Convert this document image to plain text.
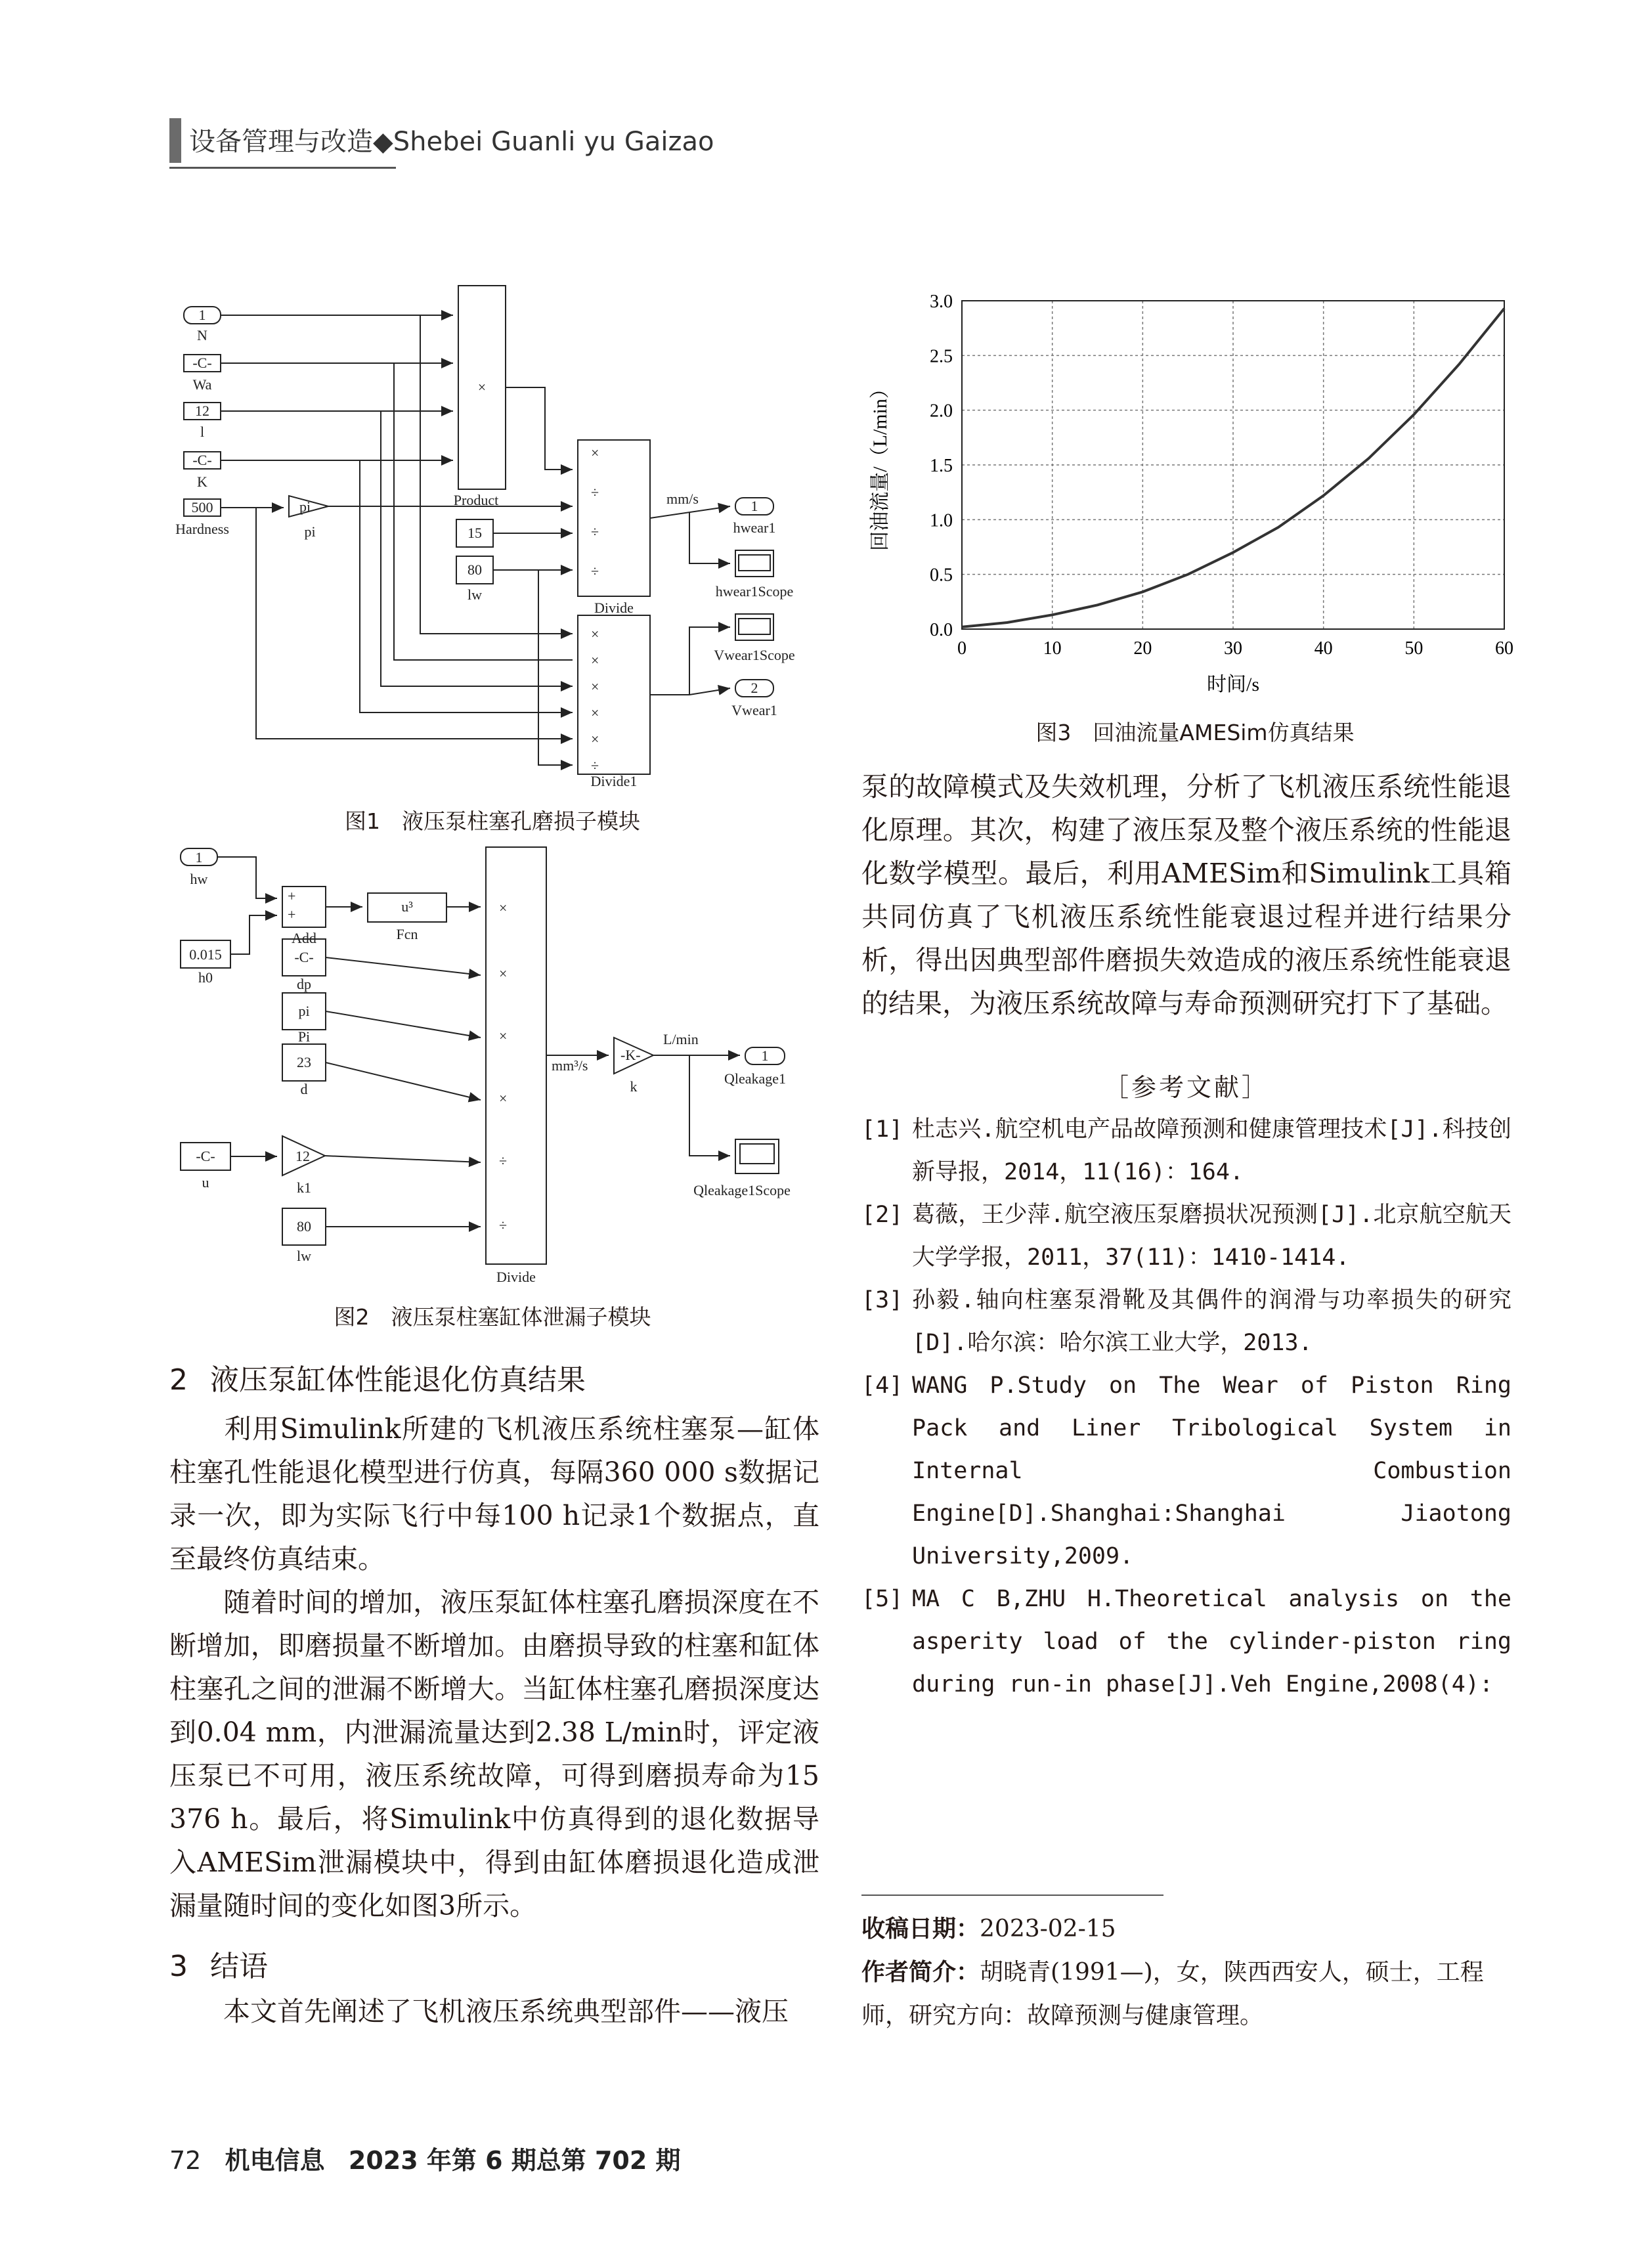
设备管理与改造◆Shebei Guanli yu Gaizao
1
N
-C-
Wa
12
l
-C-
K
500
Hardness
pi
pi
×
Product
15
80
lw
×
÷
÷
÷
Divide
×
×
×
×
×
÷
Divide1
mm/s	1
hwear1
hwear1Scope
Vwear1Scope
2
Vwear1
图1　液压泵柱塞孔磨损子模块
1
hw
0.015
h0
+
+
Add
u³
Fcn
-C-
dp
pi
Pi
23
d
-C-
u
12
k1
80
lw
×
×
×
×
÷
÷
Divide
mm³/s
-K-
k
L/min
1
Qleakage1
Qleakage1Scope
图2　液压泵柱塞缸体泄漏子模块
2 液压泵缸体性能退化仿真结果
利用Simulink所建的飞机液压系统柱塞泵—缸体柱塞孔性能退化模型进行仿真，每隔360 000 s数据记录一次，即为实际飞行中每100 h记录1个数据点，直至最终仿真结束。
随着时间的增加，液压泵缸体柱塞孔磨损深度在不断增加，即磨损量不断增加。由磨损导致的柱塞和缸体柱塞孔之间的泄漏不断增大。当缸体柱塞孔磨损深度达到0.04 mm，内泄漏流量达到2.38 L/min时，评定液压泵已不可用，液压系统故障，可得到磨损寿命为15 376 h。最后，将Simulink中仿真得到的退化数据导入AMESim泄漏模块中，得到由缸体磨损退化造成泄漏量随时间的变化如图3所示。
3 结语
本文首先阐述了飞机液压系统典型部件——液压
0	10	20	30	40	50	60
0.0
0.5
1.0
1.5
2.0
2.5
3.0
时间/s
回油流量/（L/min）
图3　回油流量AMESim仿真结果
泵的故障模式及失效机理，分析了飞机液压系统性能退化原理。其次，构建了液压泵及整个液压系统的性能退化数学模型。最后，利用AMESim和Simulink工具箱共同仿真了飞机液压系统性能衰退过程并进行结果分析，得出因典型部件磨损失效造成的液压系统性能衰退的结果，为液压系统故障与寿命预测研究打下了基础。
［参考文献］
[1] 杜志兴.航空机电产品故障预测和健康管理技术[J].科技创新导报，2014，11(16)：164.
[2] 葛薇，王少萍.航空液压泵磨损状况预测[J].北京航空航天大学学报，2011，37(11)：1410-1414.
[3] 孙毅.轴向柱塞泵滑靴及其偶件的润滑与功率损失的研究[D].哈尔滨：哈尔滨工业大学，2013.
[4] WANG P.Study on The Wear of Piston Ring Pack and Liner Tribological System in Internal Combustion Engine[D].Shanghai:Shanghai Jiaotong University,2009.
[5] MA C B,ZHU H.Theoretical analysis on the asperity load of the cylinder-piston ring during run-in phase[J].Veh Engine,2008(4):
收稿日期：2023-02-15
作者简介：胡晓青(1991—)，女，陕西西安人，硕士，工程师，研究方向：故障预测与健康管理。
72 机电信息 2023 年第 6 期总第 702 期
